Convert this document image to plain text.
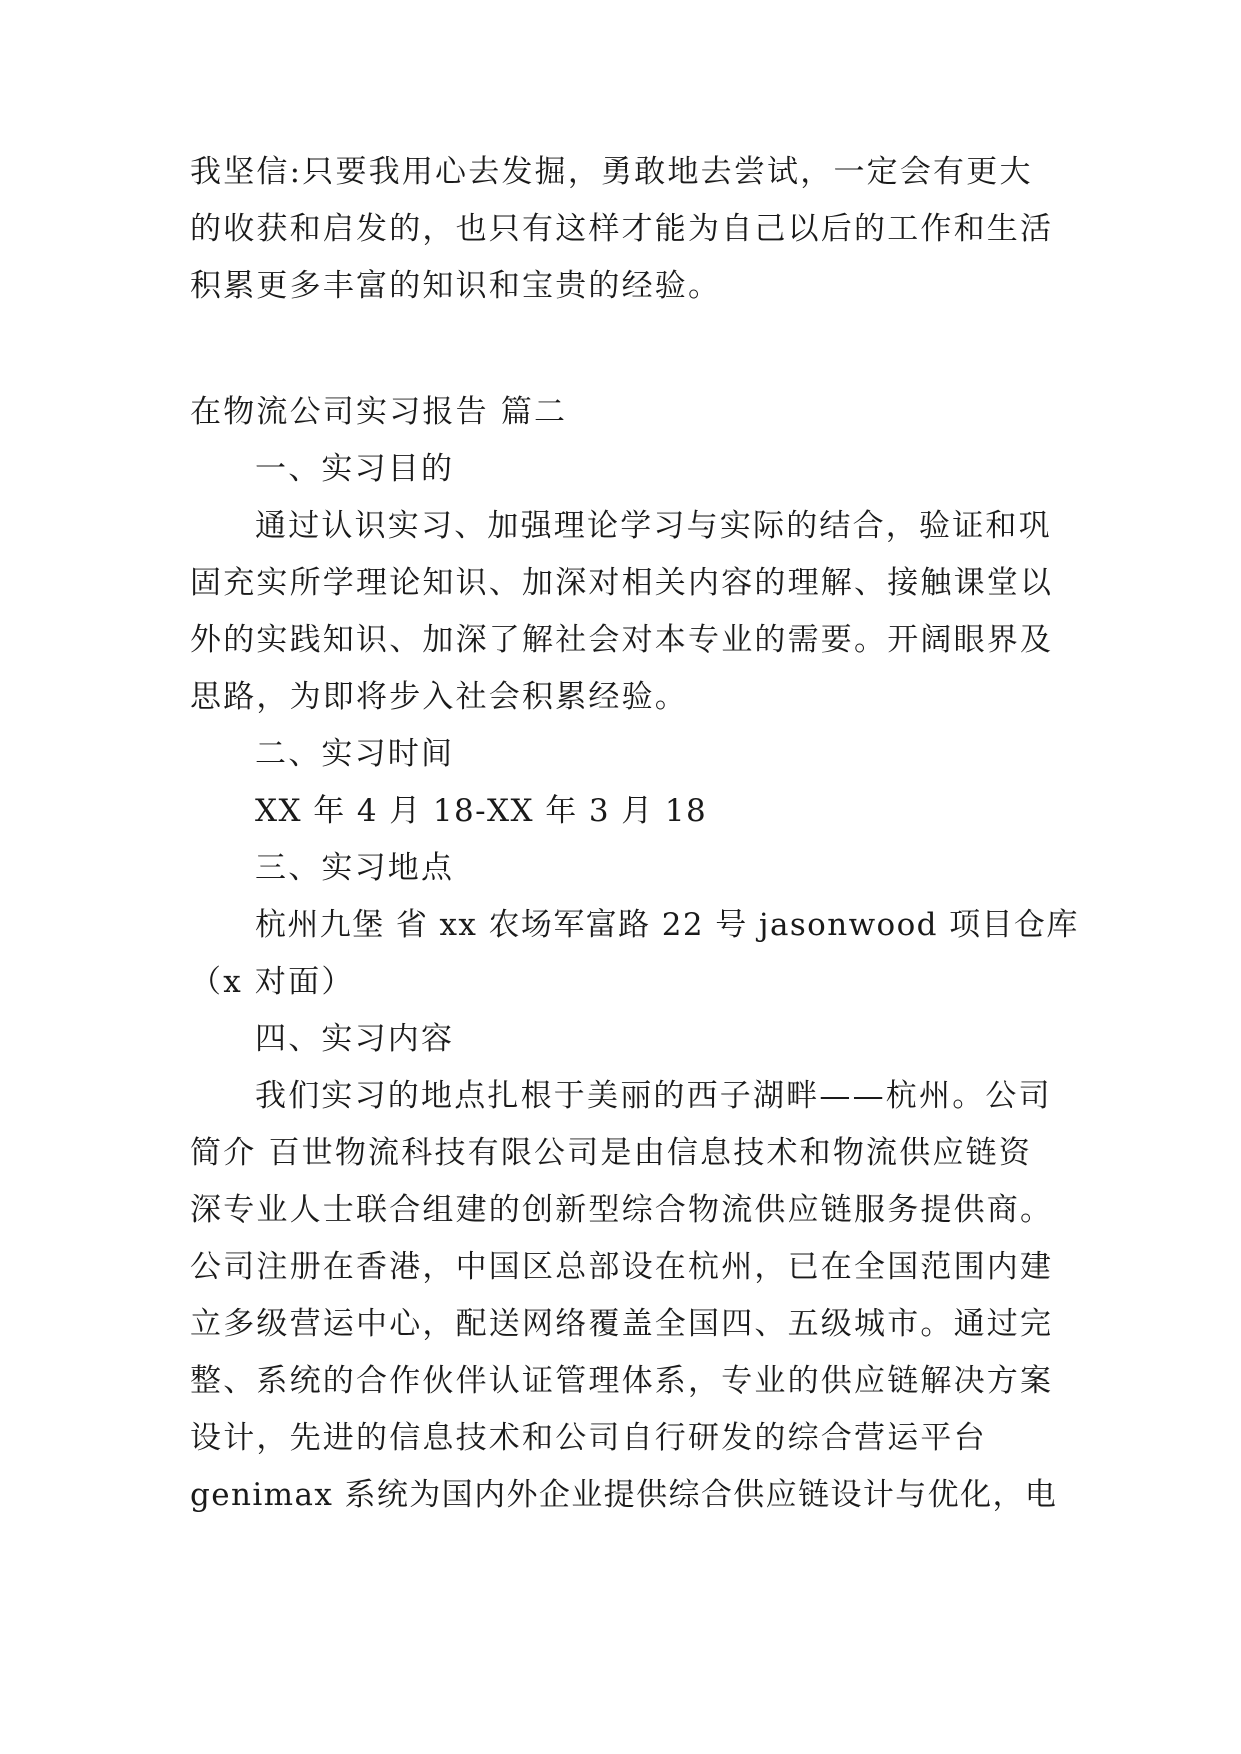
我坚信:只要我用心去发掘，勇敢地去尝试，一定会有更大
的收获和启发的，也只有这样才能为自己以后的工作和生活
积累更多丰富的知识和宝贵的经验。
在物流公司实习报告 篇二
一、实习目的
通过认识实习、加强理论学习与实际的结合，验证和巩
固充实所学理论知识、加深对相关内容的理解、接触课堂以
外的实践知识、加深了解社会对本专业的需要。开阔眼界及
思路，为即将步入社会积累经验。
二、实习时间
XX 年 4 月 18-XX 年 3 月 18
三、实习地点
杭州九堡 省 xx 农场军富路 22 号 jasonwood 项目仓库
（x 对面）
四、实习内容
我们实习的地点扎根于美丽的西子湖畔——杭州。公司
简介 百世物流科技有限公司是由信息技术和物流供应链资
深专业人士联合组建的创新型综合物流供应链服务提供商。
公司注册在香港，中国区总部设在杭州，已在全国范围内建
立多级营运中心，配送网络覆盖全国四、五级城市。通过完
整、系统的合作伙伴认证管理体系，专业的供应链解决方案
设计，先进的信息技术和公司自行研发的综合营运平台
genimax 系统为国内外企业提供综合供应链设计与优化，电
